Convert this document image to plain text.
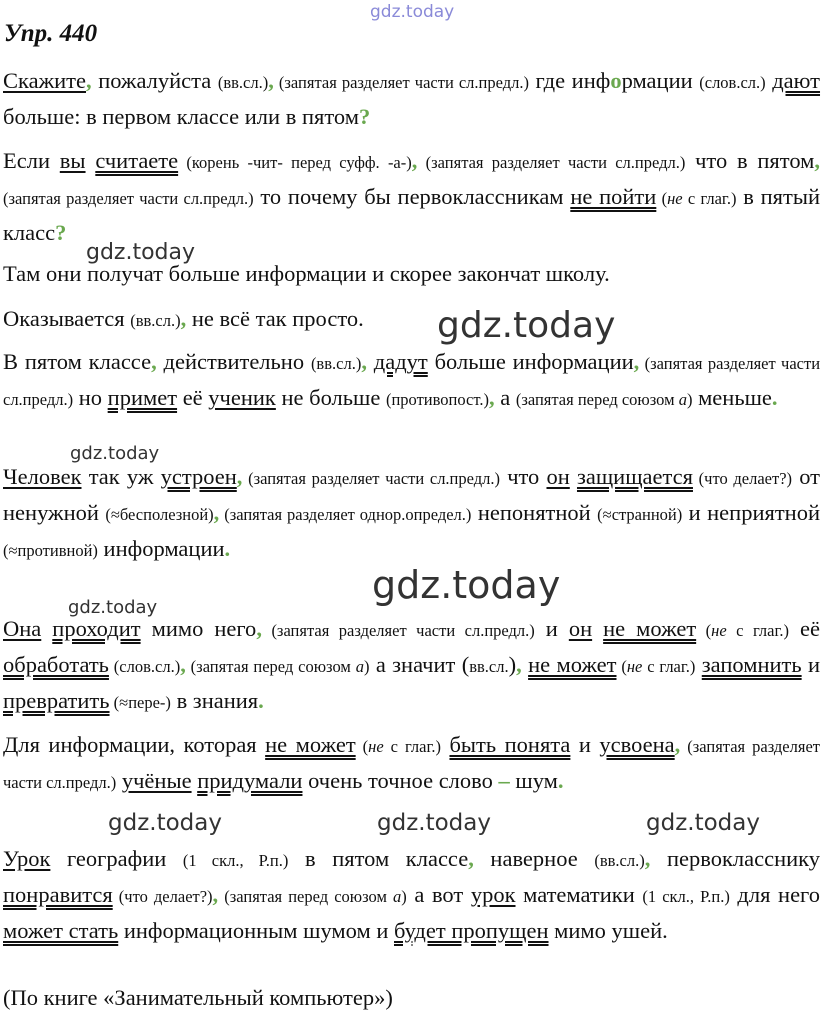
gdz.today
gdz.today
gdz.today
gdz.today
gdz.today
gdz.today
gdz.today	gdz.today	gdz.today
Упр. 440
Скажите, пожалуйста (вв.сл.), (запятая разделяет части сл.предл.) где информации (слов.сл.) дают больше: в первом классе или в пятом?
Если вы считаете (корень -чит- перед суфф. -а-), (запятая разделяет части сл.предл.) что в пятом, (запятая разделяет части сл.предл.) то почему бы первоклассникам не пойти (не с глаг.) в пятый класс?
Там они получат больше информации и скорее закончат школу.
Оказывается (вв.сл.), не всё так просто.
В пятом классе, действительно (вв.сл.), дадут больше информации, (запятая разделяет части сл.предл.) но примет её ученик не больше (противопост.), а (запятая перед союзом а) меньше.
Человек так уж устроен, (запятая разделяет части сл.предл.) что он защищается (что делает?) от ненужной (≈бесполезной), (запятая разделяет однор.определ.) непонятной (≈странной) и неприятной (≈противной) информации.
Она проходит мимо него, (запятая разделяет части сл.предл.) и он не может (не с глаг.) её обработать (слов.сл.), (запятая перед союзом а) а значит (вв.сл.), не может (не с глаг.) запомнить и превратить (≈пере-) в знания.
Для информации, которая не может (не с глаг.) быть понята и усвоена, (запятая разделяет части сл.предл.) учёные придумали очень точное слово – шум.
Урок географии (1 скл., Р.п.) в пятом классе, наверное (вв.сл.), первокласснику понравится (что делает?), (запятая перед союзом а) а вот урок математики (1 скл., Р.п.) для него может стать информационным шумом и будет пропущен мимо ушей.
(По книге «Занимательный компьютер»)
